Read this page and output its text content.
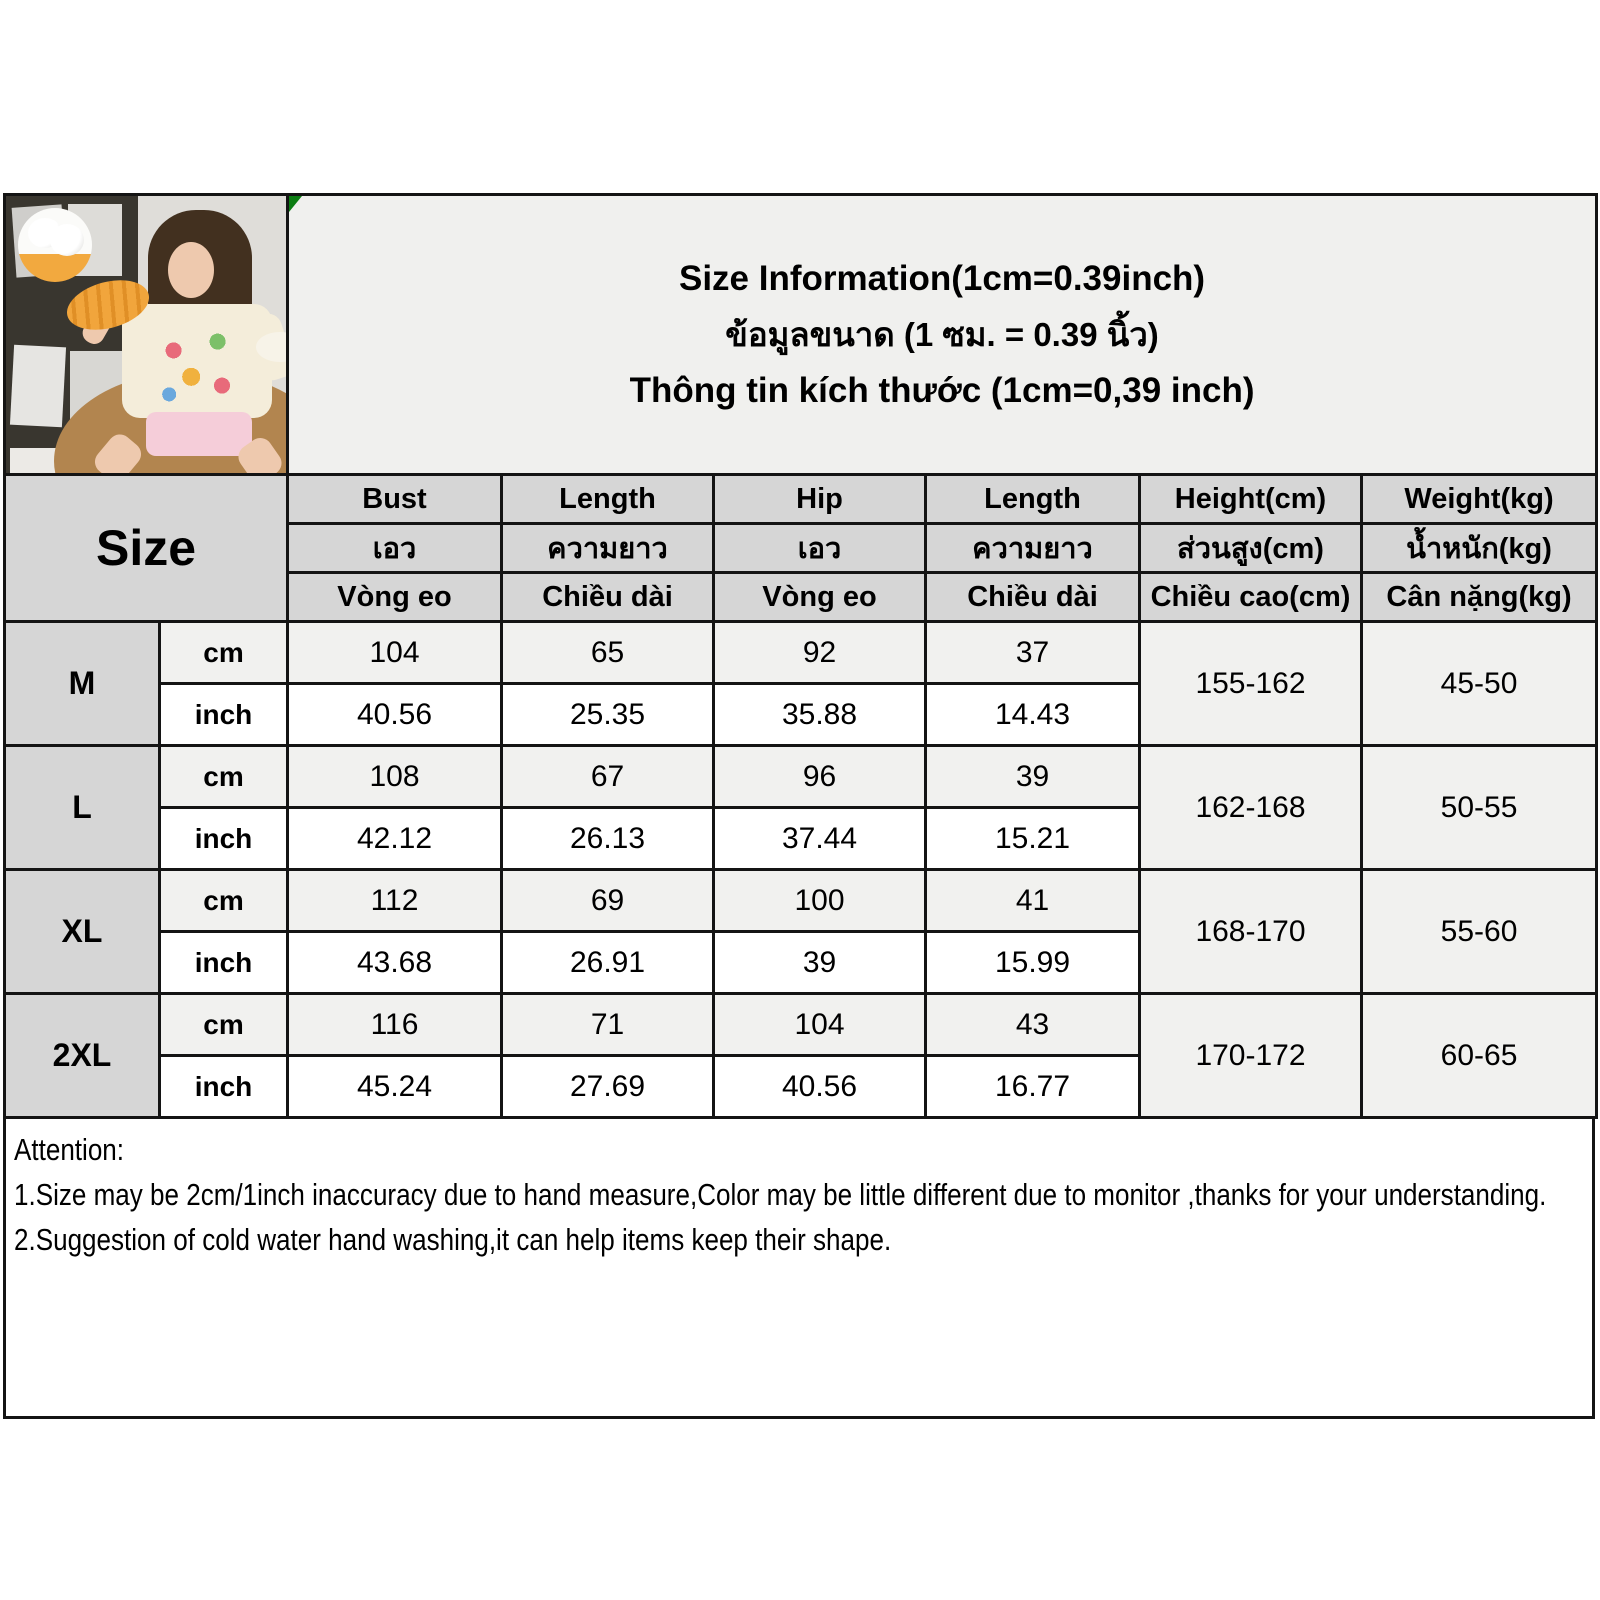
		Size Information(1cm=0.39inch)
ข้อมูลขนาด (1 ซม. = 0.39 นิ้ว)
Thông tin kích thước (1cm=0,39 inch)					

Size		Bust	Length	Hip	Length	Height(cm)	Weight(kg)
		เอว	ความยาว	เอว	ความยาว	ส่วนสูง(cm)	น้ำหนัก(kg)
		Vòng eo	Chiều dài	Vòng eo	Chiều dài	Chiều cao(cm)	Cân nặng(kg)
M	cm	104	65	92	37	155-162	45-50
	inch	40.56	25.35	35.88	14.43		
L	cm	108	67	96	39	162-168	50-55
	inch	42.12	26.13	37.44	15.21		
XL	cm	112	69	100	41	168-170	55-60
	inch	43.68	26.91	39	15.99		
2XL	cm	116	71	104	43	170-172	60-65
	inch	45.24	27.69	40.56	16.77		
Attention:
1.Size may be 2cm/1inch inaccuracy due to hand measure,Color may be little different due to monitor ,thanks for your understanding.
2.Suggestion of cold water hand washing,it can help items keep their shape.
